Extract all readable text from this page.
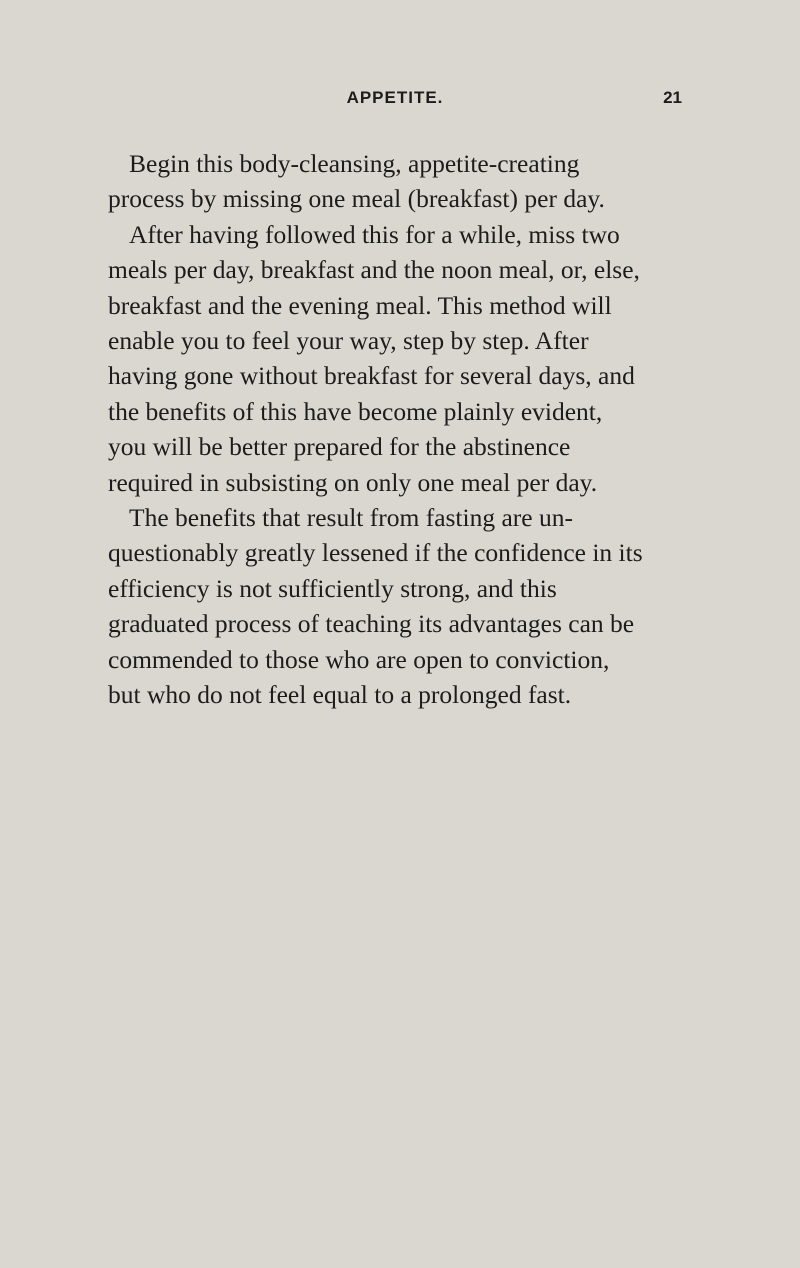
APPETITE.	21

Begin this body-cleansing, appetite-creating process by missing one meal (breakfast) per day.

After having followed this for a while, miss two meals per day, breakfast and the noon meal, or, else, breakfast and the evening meal. This method will enable you to feel your way, step by step. After having gone without breakfast for several days, and the benefits of this have become plainly evident, you will be better prepared for the abstinence required in subsisting on only one meal per day.

The benefits that result from fasting are unquestionably greatly lessened if the confidence in its efficiency is not sufficiently strong, and this graduated process of teaching its advantages can be commended to those who are open to conviction, but who do not feel equal to a prolonged fast.
